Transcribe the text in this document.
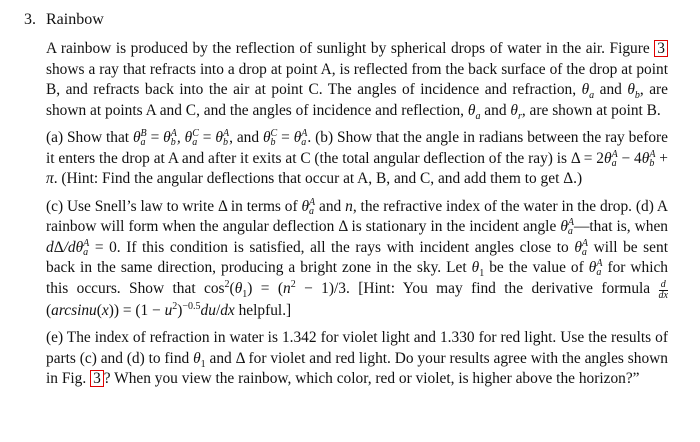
3. Rainbow

A rainbow is produced by the reflection of sunlight by spherical drops of water in the air. Figure 3 shows a ray that refracts into a drop at point A, is reflected from the back surface of the drop at point B, and refracts back into the air at point C. The angles of incidence and refraction, $\theta_a$ and $\theta_b$, are shown at points A and C, and the angles of incidence and reflection, $\theta_a$ and $\theta_r$, are shown at point B.

(a) Show that θ B
a = θ A
b , θ C
a = θ A
b , and θ C
b = θ A
a . (b) Show that the angle in radians between the ray before it enters the drop at A and after it exits at C (the total angular deflection of the ray) is Δ = 2θ A
a − 4θ A
b + π. (Hint: Find the angular deflections that occur at A, B, and C, and add them to get Δ.)

(c) Use Snell’s law to write Δ in terms of θ A
a and n, the refractive index of the water in the drop. (d) A rainbow will form when the angular deflection Δ is stationary in the incident angle θ A
a —that is, when dΔ/dθ A
a = 0. If this condition is satisfied, all the rays with incident angles close to θ A
a will be sent back in the same direction, producing a bright zone in the sky. Let $\theta_1$ be the value of θ A
a for which this occurs. Show that $\cos^2(\theta_1) = (n^2 - 1)/3$. [Hint: You may find the derivative formula $\frac{d}{dx}$
$(\arcsin u(x)) = (1 - u^2)^{-0.5}du/dx$ helpful.]

(e) The index of refraction in water is 1.342 for violet light and 1.330 for red light. Use the results of parts (c) and (d) to find $\theta_1$ and Δ for violet and red light. Do your results agree with the angles shown in Fig. 3 ? When you view the rainbow, which color, red or violet, is higher above the horizon?”
